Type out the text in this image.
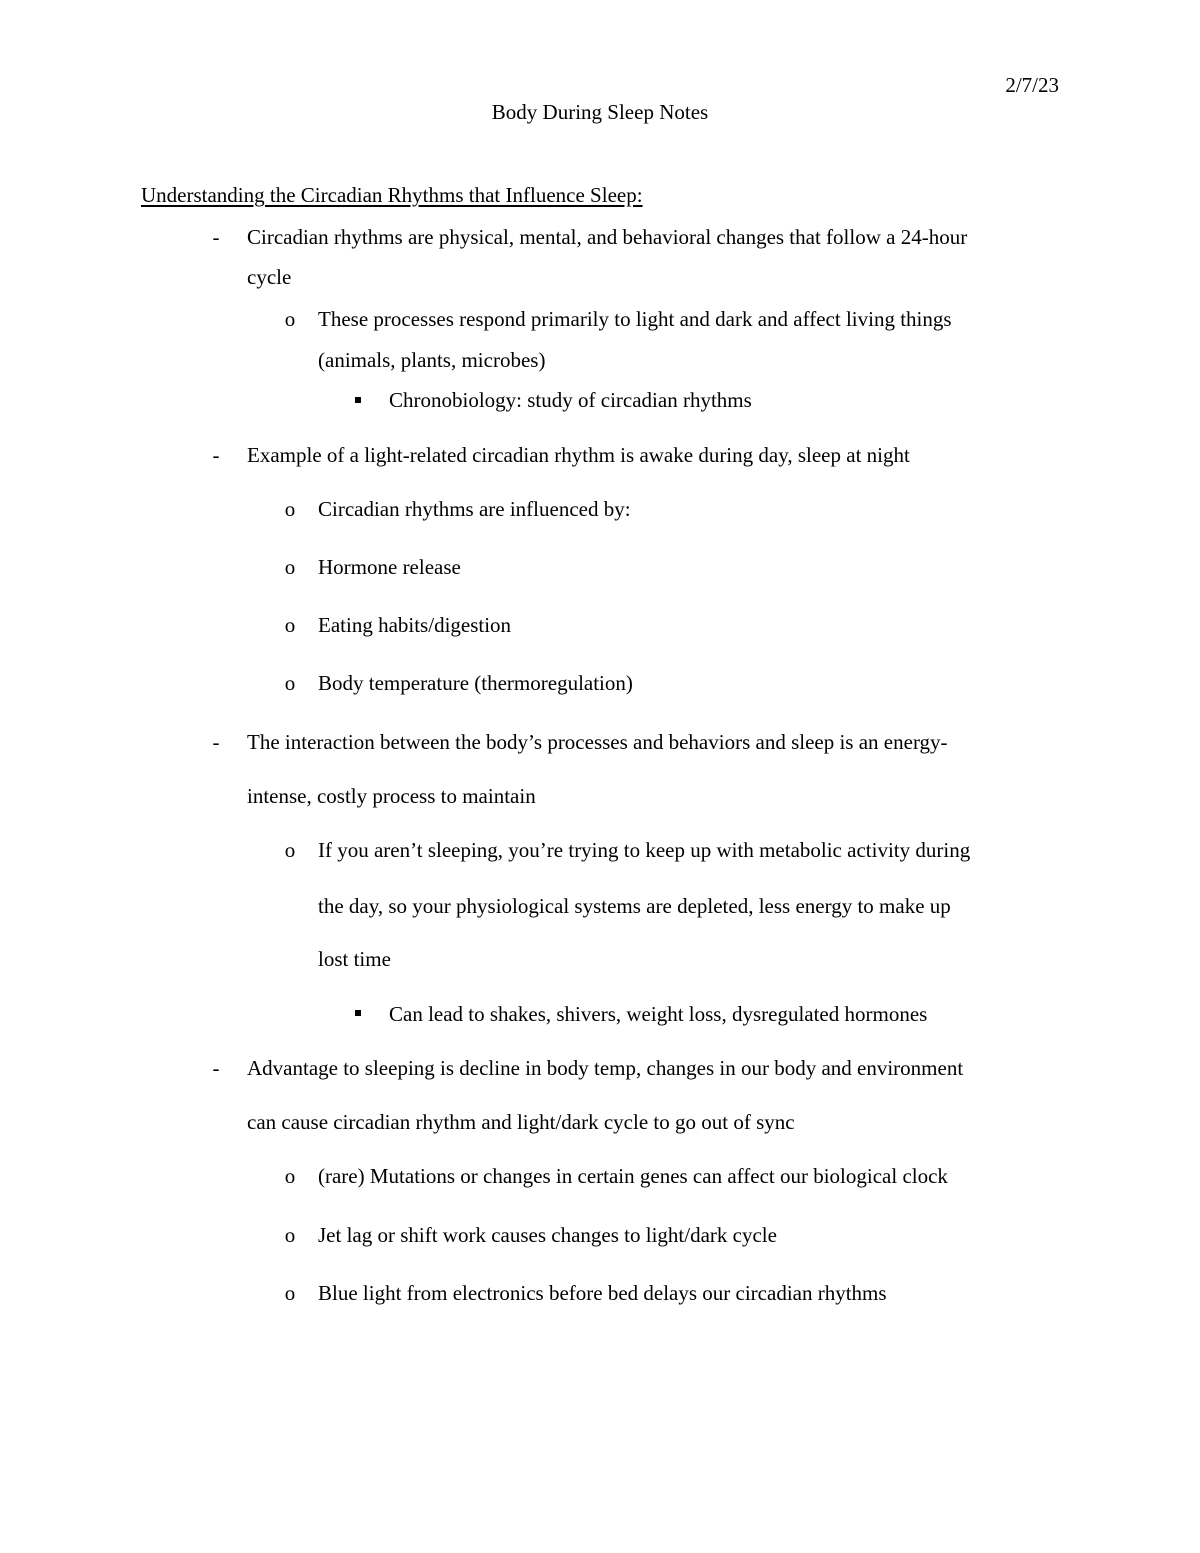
2/7/23
Body During Sleep Notes
Understanding the Circadian Rhythms that Influence Sleep:
- Circadian rhythms are physical, mental, and behavioral changes that follow a 24-hour
cycle
o These processes respond primarily to light and dark and affect living things
(animals, plants, microbes)
Chronobiology: study of circadian rhythms
- Example of a light-related circadian rhythm is awake during day, sleep at night
o Circadian rhythms are influenced by:
o Hormone release
o Eating habits/digestion
o Body temperature (thermoregulation)
- The interaction between the body’s processes and behaviors and sleep is an energy-
intense, costly process to maintain
o If you aren’t sleeping, you’re trying to keep up with metabolic activity during
the day, so your physiological systems are depleted, less energy to make up
lost time
Can lead to shakes, shivers, weight loss, dysregulated hormones
- Advantage to sleeping is decline in body temp, changes in our body and environment
can cause circadian rhythm and light/dark cycle to go out of sync
o (rare) Mutations or changes in certain genes can affect our biological clock
o Jet lag or shift work causes changes to light/dark cycle
o Blue light from electronics before bed delays our circadian rhythms
